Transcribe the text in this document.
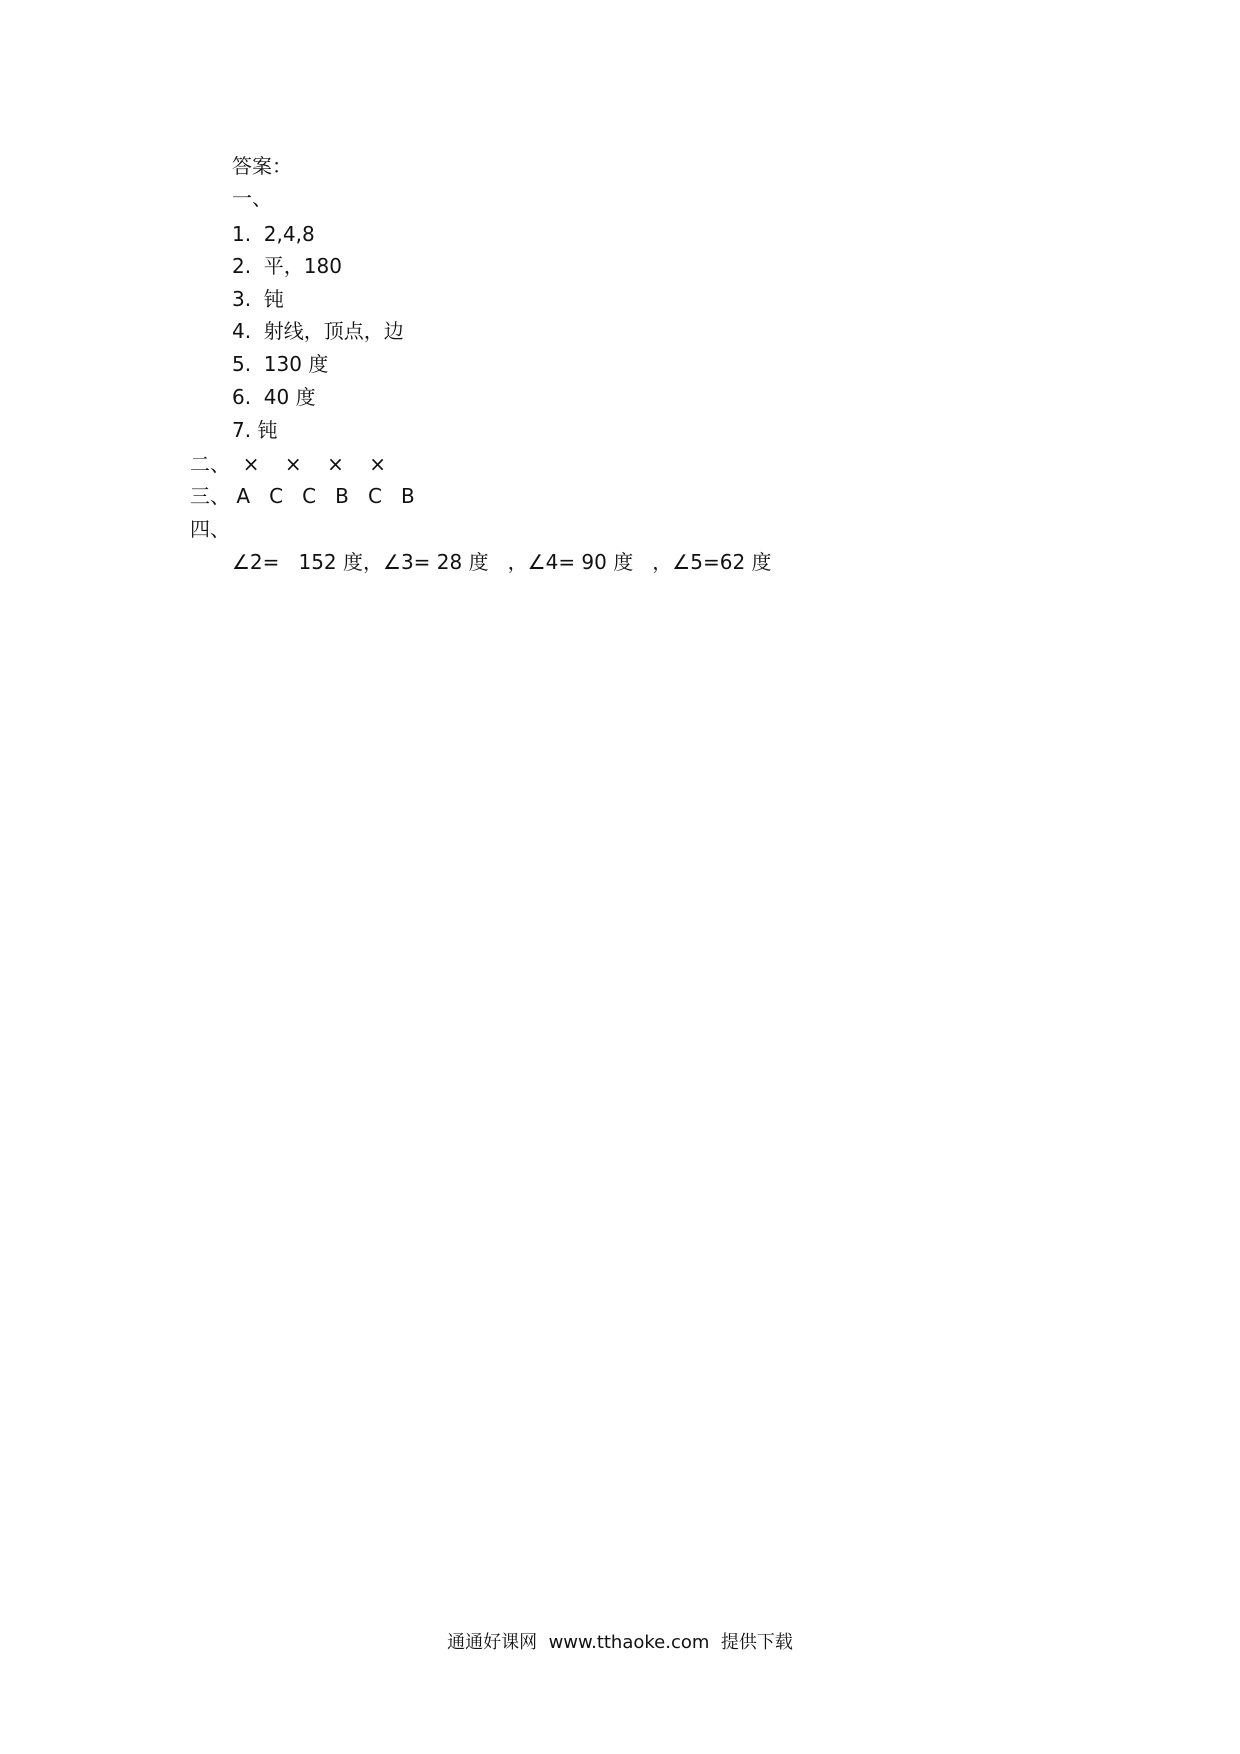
答案：
一、
1.  2,4,8
2.  平，180
3.  钝
4.  射线，顶点，边
5.  130 度
6.  40 度
7. 钝
二、  ×    ×    ×    ×
三、 A   C   C   B   C   B
四、
∠2=   152 度，∠3= 28 度   ，∠4= 90 度   ，∠5=62 度
通通好课网  www.tthaoke.com  提供下载
